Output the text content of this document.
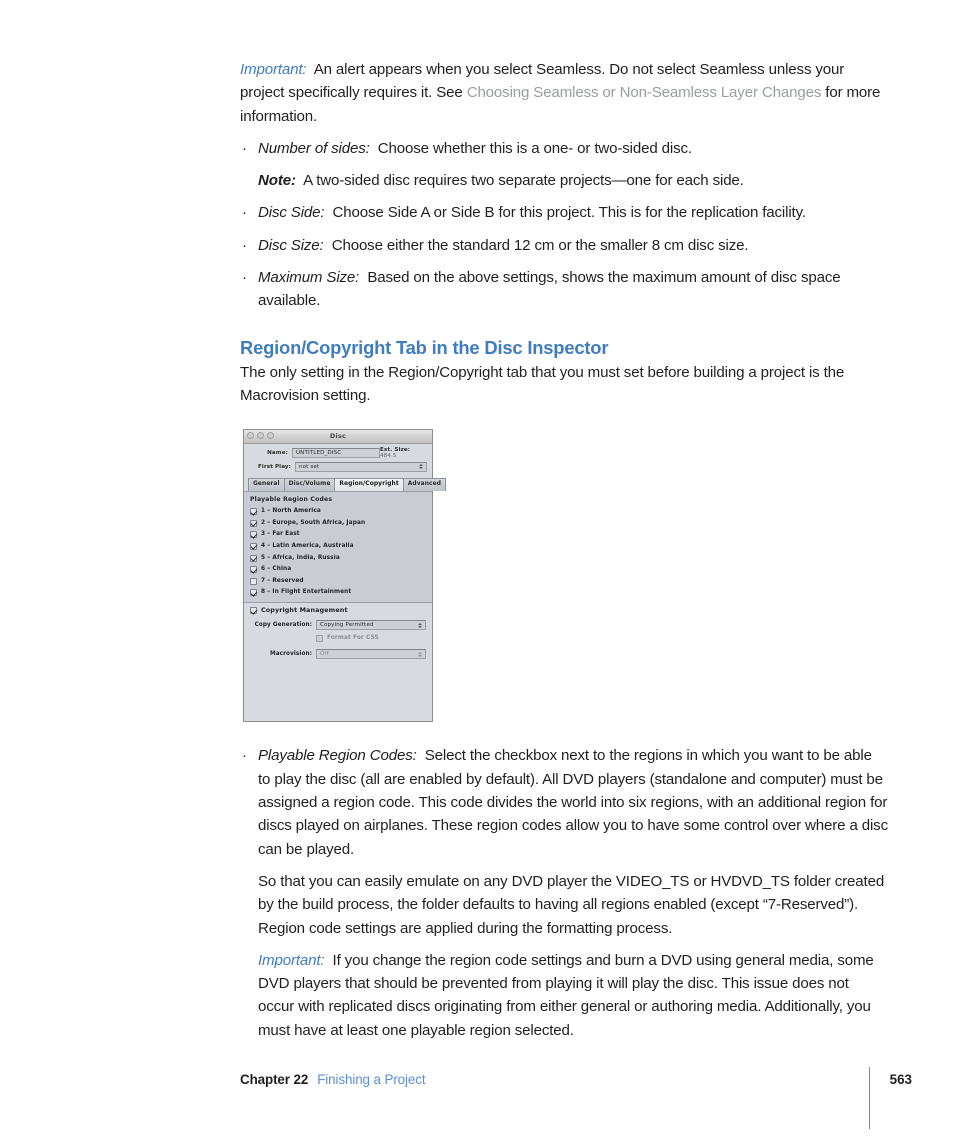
Important: An alert appears when you select Seamless. Do not select Seamless unless your project specifically requires it. See Choosing Seamless or Non-Seamless Layer Changes for more information.

· Number of sides: Choose whether this is a one- or two-sided disc.

Note: A two-sided disc requires two separate projects—one for each side.

· Disc Side: Choose Side A or Side B for this project. This is for the replication facility.

· Disc Size: Choose either the standard 12 cm or the smaller 8 cm disc size.

· Maximum Size: Based on the above settings, shows the maximum amount of disc space available.

Region/Copyright Tab in the Disc Inspector

The only setting in the Region/Copyright tab that you must set before building a project is the Macrovision setting.

Disc
Name:	UNTITLED_DISC	Est. Size: 484.5
First Play:	not set
General	Disc/Volume	Region/Copyright	Advanced
Playable Region Codes
1 – North America
2 – Europe, South Africa, Japan
3 – Far East
4 – Latin America, Australia
5 – Africa, India, Russia
6 – China
7 – Reserved
8 – In Flight Entertainment
Copyright Management
Copy Generation:	Copying Permitted
Format For CSS
Macrovision:	Off
· Playable Region Codes: Select the checkbox next to the regions in which you want to be able to play the disc (all are enabled by default). All DVD players (standalone and computer) must be assigned a region code. This code divides the world into six regions, with an additional region for discs played on airplanes. These region codes allow you to have some control over where a disc can be played.

So that you can easily emulate on any DVD player the VIDEO_TS or HVDVD_TS folder created by the build process, the folder defaults to having all regions enabled (except “7-Reserved”). Region code settings are applied during the formatting process.

Important: If you change the region code settings and burn a DVD using general media, some DVD players that should be prevented from playing it will play the disc. This issue does not occur with replicated discs originating from either general or authoring media. Additionally, you must have at least one playable region selected.

Chapter 22 Finishing a Project	563
